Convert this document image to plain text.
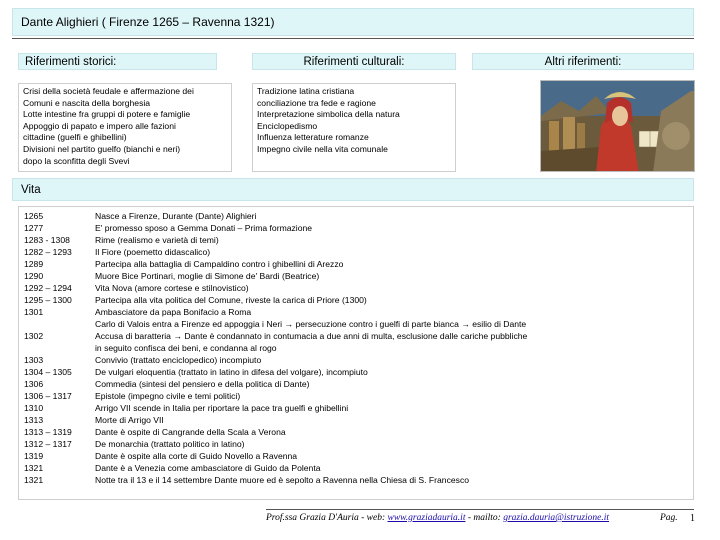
Dante Alighieri ( Firenze 1265 – Ravenna 1321)
Riferimenti storici:	Riferimenti culturali:	Altri riferimenti:
Crisi della società feudale e affermazione dei
Comuni e nascita della borghesia
Lotte intestine fra gruppi di potere e famiglie
Appoggio di papato e impero alle fazioni
cittadine (guelfi e ghibellini)
Divisioni nel partito guelfo (bianchi e neri)
dopo la sconfitta degli Svevi
Tradizione latina cristiana
conciliazione tra fede e ragione
Interpretazione simbolica della natura
Enciclopedismo
Influenza letterature romanze
Impegno civile nella vita comunale
Vita
1265	Nasce a Firenze, Durante (Dante) Alighieri
1277	E' promesso sposo a Gemma Donati – Prima formazione
1283 - 1308	Rime (realismo e varietà di temi)
1282 – 1293	Il Fiore (poemetto didascalico)
1289	Partecipa alla battaglia di Campaldino contro i ghibellini di Arezzo
1290	Muore Bice Portinari, moglie di Simone de' Bardi (Beatrice)
1292 – 1294	Vita Nova (amore cortese e stilnovistico)
1295 – 1300	Partecipa alla vita politica del Comune, riveste la carica di Priore (1300)
1301	Ambasciatore da papa Bonifacio a Roma
Carlo di Valois entra a Firenze ed appoggia i Neri → persecuzione contro i guelfi di parte bianca → esilio di Dante
1302	Accusa di baratteria → Dante è condannato in contumacia a due anni di multa, esclusione dalle cariche pubbliche
in seguito confisca dei beni, e condanna al rogo
1303	Convivio (trattato enciclopedico) incompiuto
1304 – 1305	De vulgari eloquentia (trattato in latino in difesa del volgare), incompiuto
1306	Commedia (sintesi del pensiero e della politica di Dante)
1306 – 1317	Epistole (impegno civile e temi politici)
1310	Arrigo VII scende in Italia per riportare la pace tra guelfi e ghibellini
1313	Morte di Arrigo VII
1313 – 1319	Dante è ospite di Cangrande della Scala a Verona
1312 – 1317	De monarchia (trattato politico in latino)
1319	Dante è ospite alla corte di Guido Novello a Ravenna
1321	Dante è a Venezia come ambasciatore di Guido da Polenta
1321	Notte tra il 13 e il 14 settembre Dante muore ed è sepolto a Ravenna nella Chiesa di S. Francesco
Prof.ssa Grazia D'Auria - web: www.graziadauria.it - mailto: grazia.dauria@istruzione.it	Pag. 1
